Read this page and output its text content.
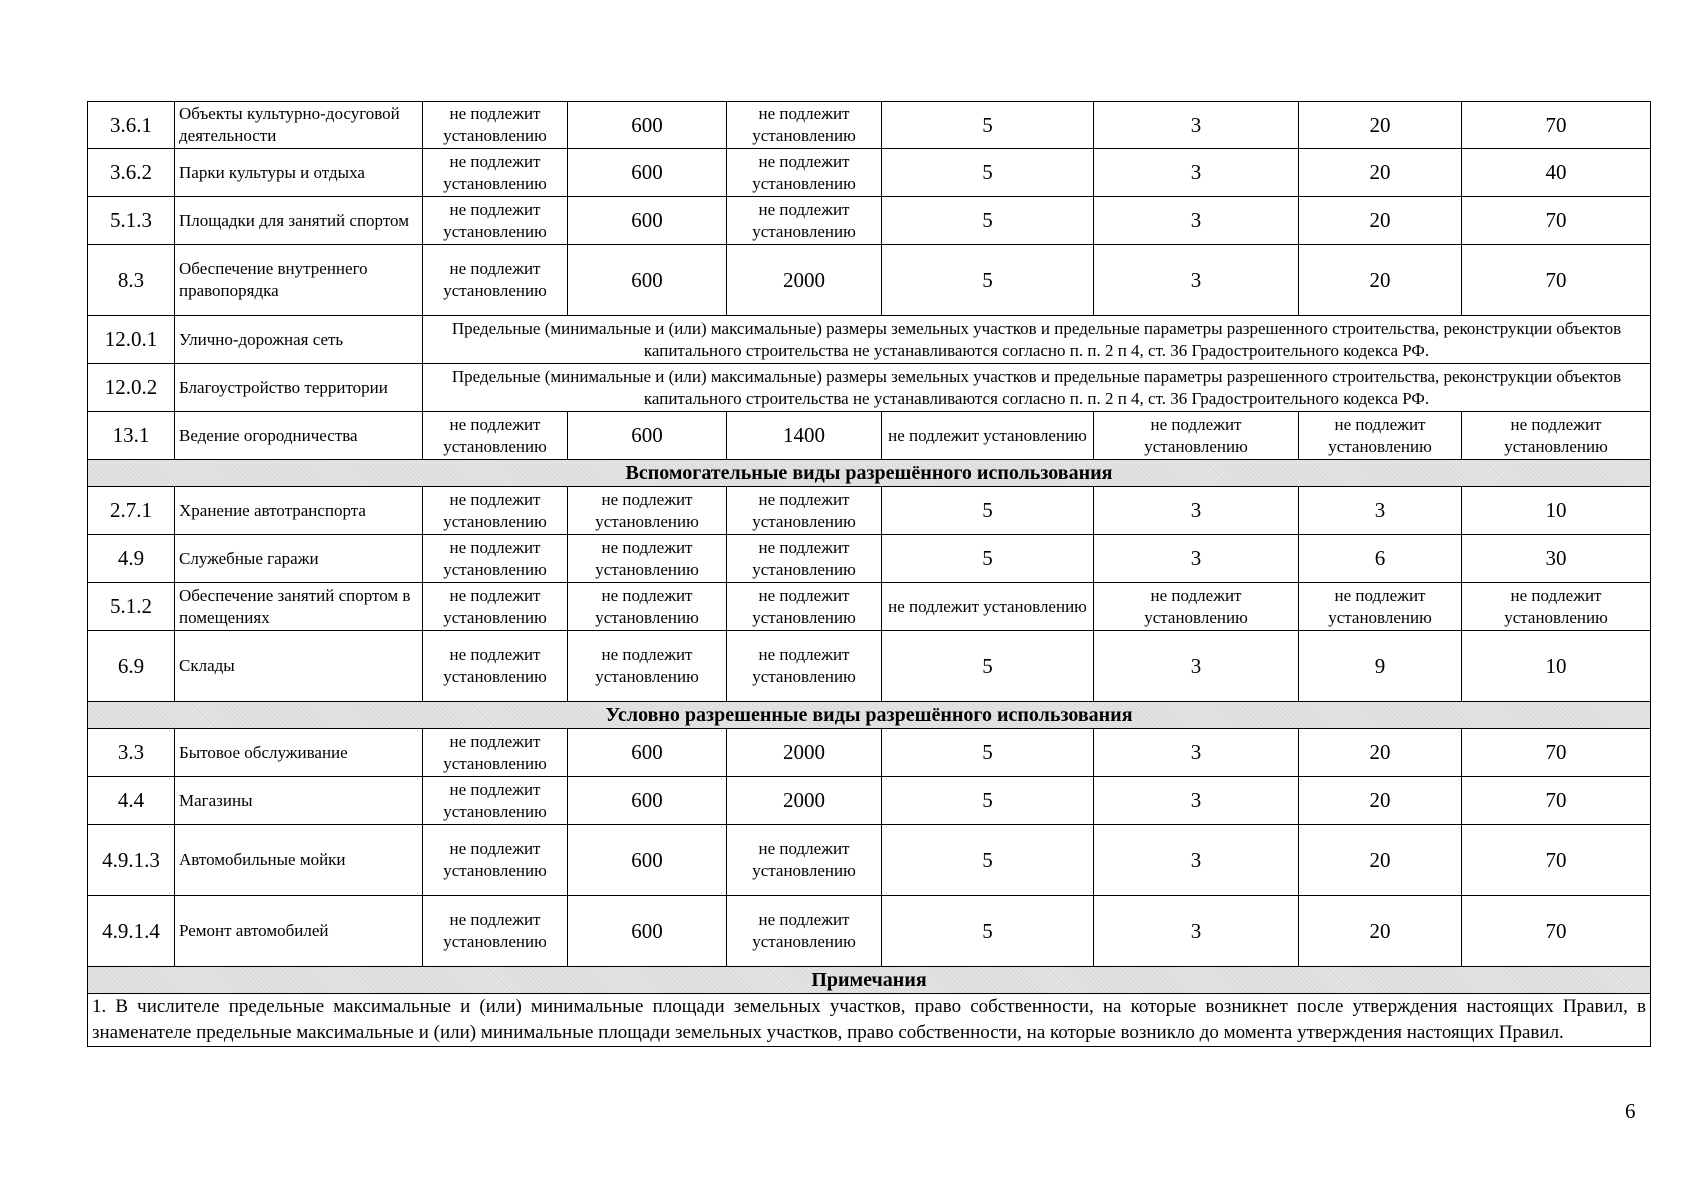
3.6.1	Объекты культурно-досуговой деятельности	не подлежит установлению	600	не подлежит установлению	5	3	20	70
3.6.2	Парки культуры и отдыха	не подлежит установлению	600	не подлежит установлению	5	3	20	40
5.1.3	Площадки для занятий спортом	не подлежит установлению	600	не подлежит установлению	5	3	20	70
8.3	Обеспечение внутреннего правопорядка	не подлежит установлению	600	2000	5	3	20	70
12.0.1	Улично-дорожная сеть	Предельные (минимальные и (или) максимальные) размеры земельных участков и предельные параметры разрешенного строительства, реконструкции объектов капитального строительства не устанавливаются согласно п. п. 2 п 4, ст. 36 Градостроительного кодекса РФ.						
12.0.2	Благоустройство территории	Предельные (минимальные и (или) максимальные) размеры земельных участков и предельные параметры разрешенного строительства, реконструкции объектов капитального строительства не устанавливаются согласно п. п. 2 п 4, ст. 36 Градостроительного кодекса РФ.						
13.1	Ведение огородничества	не подлежит установлению	600	1400	не подлежит установлению	не подлежит установлению	не подлежит установлению	не подлежит установлению
Вспомогательные виды разрешённого использования								
2.7.1	Хранение автотранспорта	не подлежит установлению	не подлежит установлению	не подлежит установлению	5	3	3	10
4.9	Служебные гаражи	не подлежит установлению	не подлежит установлению	не подлежит установлению	5	3	6	30
5.1.2	Обеспечение занятий спортом в помещениях	не подлежит установлению	не подлежит установлению	не подлежит установлению	не подлежит установлению	не подлежит установлению	не подлежит установлению	не подлежит установлению
6.9	Склады	не подлежит установлению	не подлежит установлению	не подлежит установлению	5	3	9	10
Условно разрешенные виды разрешённого использования								
3.3	Бытовое обслуживание	не подлежит установлению	600	2000	5	3	20	70
4.4	Магазины	не подлежит установлению	600	2000	5	3	20	70
4.9.1.3	Автомобильные мойки	не подлежит установлению	600	не подлежит установлению	5	3	20	70
4.9.1.4	Ремонт автомобилей	не подлежит установлению	600	не подлежит установлению	5	3	20	70
Примечания								
1. В числителе предельные максимальные и (или) минимальные площади земельных участков, право собственности, на которые возникнет после утверждения настоящих Правил, в знаменателе предельные максимальные и (или) минимальные площади земельных участков, право собственности, на которые возникло до момента утверждения настоящих Правил.								
6
